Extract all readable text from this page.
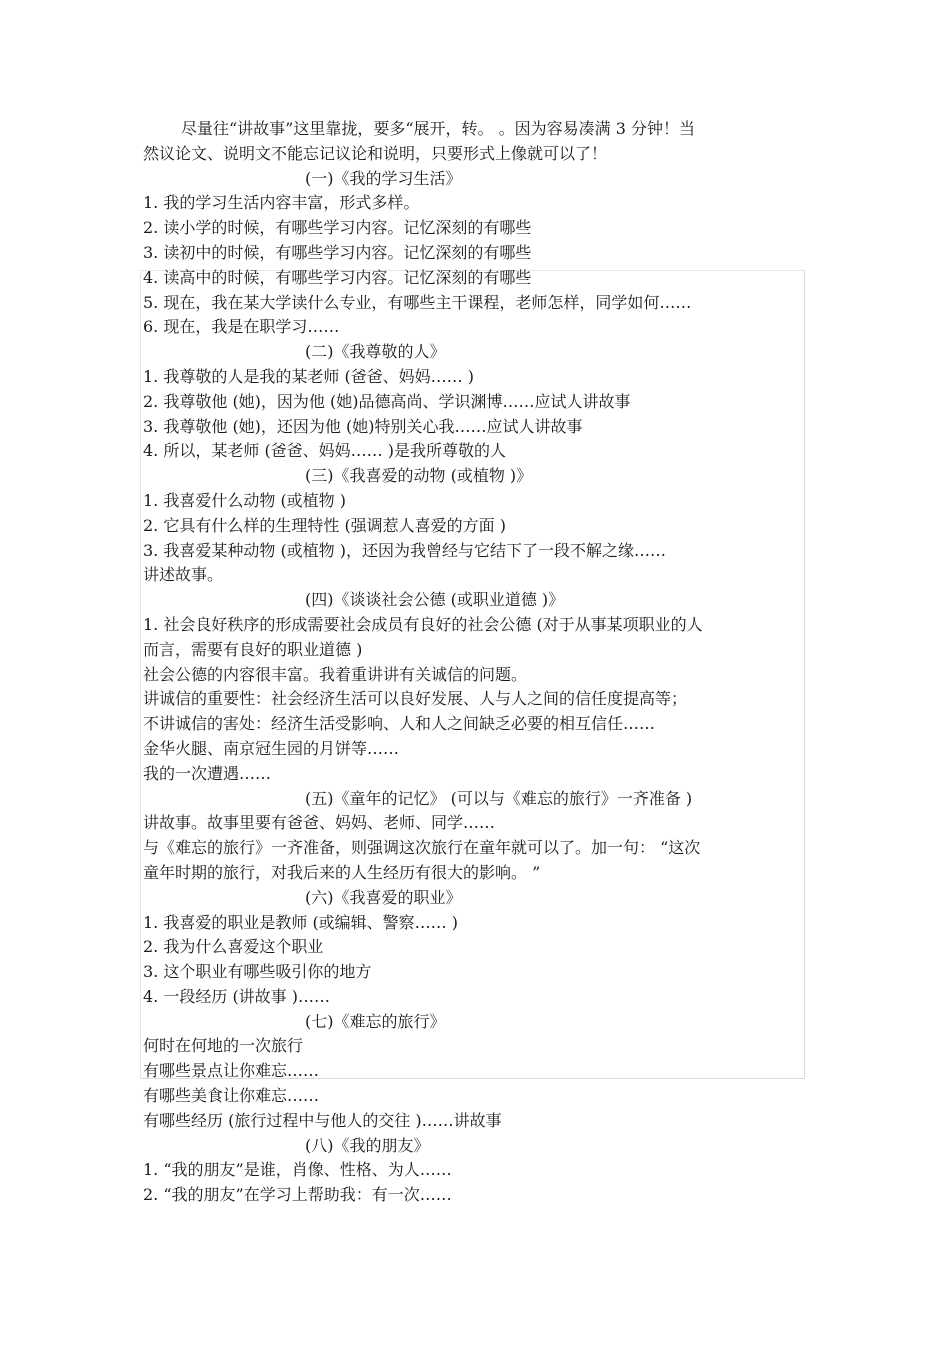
尽量往“讲故事”这里靠拢，要多“展开，转。 。因为容易凑满 3 分钟！当
然议论文、说明文不能忘记议论和说明，只要形式上像就可以了！
(一)《我的学习生活》
1. 我的学习生活内容丰富，形式多样。
2. 读小学的时候，有哪些学习内容。记忆深刻的有哪些
3. 读初中的时候，有哪些学习内容。记忆深刻的有哪些
4. 读高中的时候，有哪些学习内容。记忆深刻的有哪些
5. 现在，我在某大学读什么专业，有哪些主干课程，老师怎样，同学如何……
6. 现在，我是在职学习……
(二)《我尊敬的人》
1. 我尊敬的人是我的某老师 (爸爸、妈妈…… )
2. 我尊敬他 (她)，因为他 (她)品德高尚、学识渊博……应试人讲故事
3. 我尊敬他 (她)，还因为他 (她)特别关心我……应试人讲故事
4. 所以，某老师 (爸爸、妈妈…… )是我所尊敬的人
(三)《我喜爱的动物 (或植物 )》
1. 我喜爱什么动物 (或植物 )
2. 它具有什么样的生理特性 (强调惹人喜爱的方面 )
3. 我喜爱某种动物 (或植物 )，还因为我曾经与它结下了一段不解之缘……
讲述故事。
(四)《谈谈社会公德 (或职业道德 )》
1. 社会良好秩序的形成需要社会成员有良好的社会公德 (对于从事某项职业的人
而言，需要有良好的职业道德 )
社会公德的内容很丰富。我着重讲讲有关诚信的问题。
讲诚信的重要性：社会经济生活可以良好发展、人与人之间的信任度提高等；
不讲诚信的害处：经济生活受影响、人和人之间缺乏必要的相互信任……
金华火腿、南京冠生园的月饼等……
我的一次遭遇……
(五)《童年的记忆》 (可以与《难忘的旅行》一齐准备 )
讲故事。故事里要有爸爸、妈妈、老师、同学……
与《难忘的旅行》一齐准备，则强调这次旅行在童年就可以了。加一句： “这次
童年时期的旅行，对我后来的人生经历有很大的影响。 ”
(六)《我喜爱的职业》
1. 我喜爱的职业是教师 (或编辑、警察…… )
2. 我为什么喜爱这个职业
3. 这个职业有哪些吸引你的地方
4. 一段经历 (讲故事 )……
(七)《难忘的旅行》
何时在何地的一次旅行
有哪些景点让你难忘……
有哪些美食让你难忘……
有哪些经历 (旅行过程中与他人的交往 )……讲故事
(八)《我的朋友》
1. “我的朋友”是谁，肖像、性格、为人……
2. “我的朋友”在学习上帮助我：有一次……
